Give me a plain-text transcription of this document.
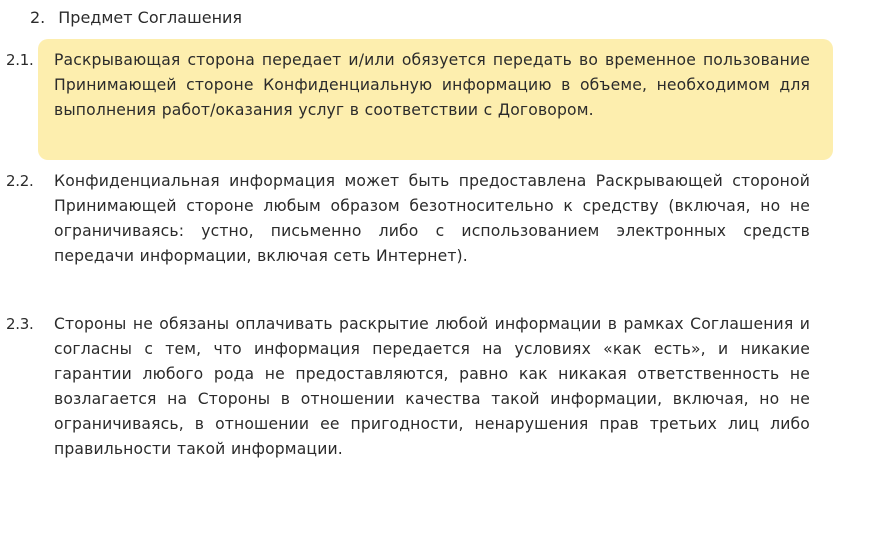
2. Предмет Соглашения
2.1. Раскрывающая сторона передает и/или обязуется передать во временное пользование Принимающей стороне Конфиденциальную информацию в объеме, необходимом для выполнения работ/оказания услуг в соответствии с Договором.
2.2. Конфиденциальная информация может быть предоставлена Раскрывающей стороной Принимающей стороне любым образом безотносительно к средству (включая, но не ограничиваясь: устно, письменно либо с использованием электронных средств передачи информации, включая сеть Интернет).
2.3. Стороны не обязаны оплачивать раскрытие любой информации в рамках Соглашения и согласны с тем, что информация передается на условиях «как есть», и никакие гарантии любого рода не предоставляются, равно как никакая ответственность не возлагается на Стороны в отношении качества такой информации, включая, но не ограничиваясь, в отношении ее пригодности, ненарушения прав третьих лиц либо правильности такой информации.
